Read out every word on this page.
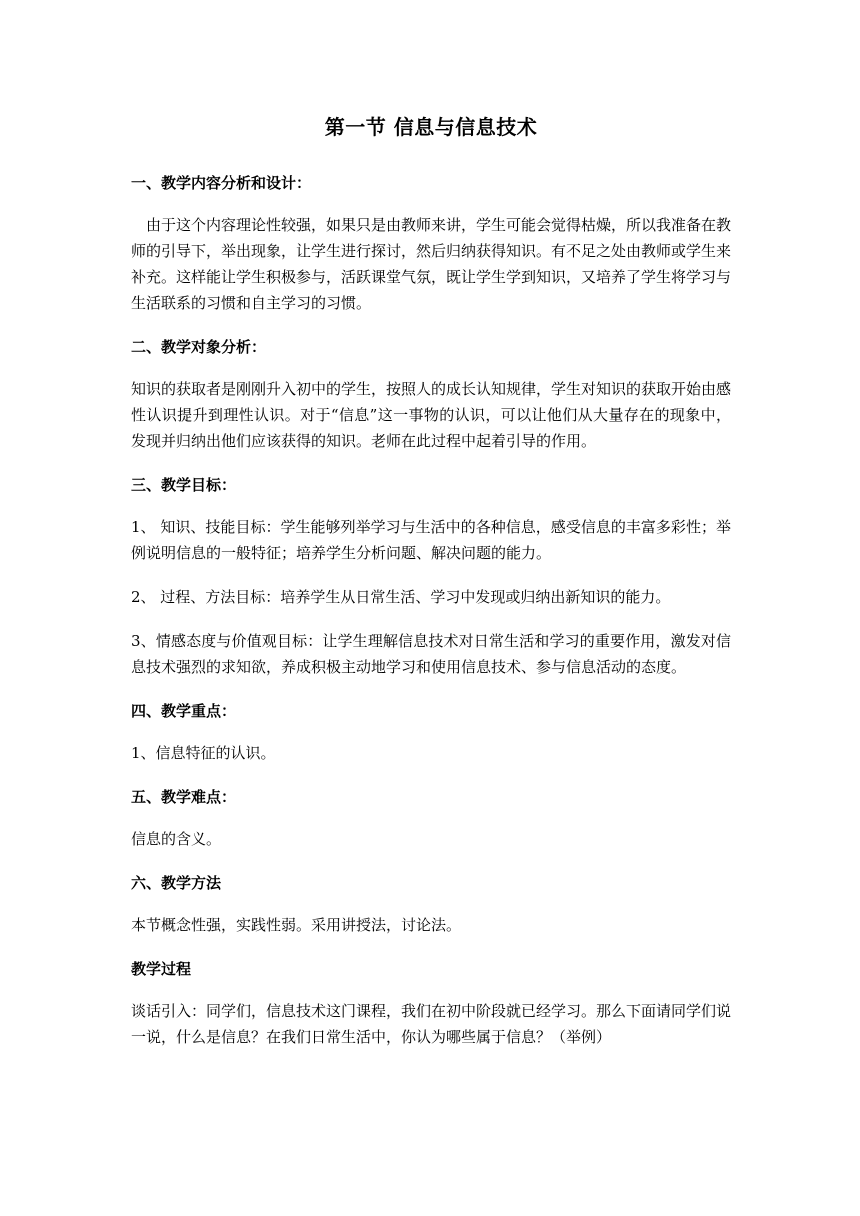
第一节 信息与信息技术
一、教学内容分析和设计：
由于这个内容理论性较强，如果只是由教师来讲，学生可能会觉得枯燥，所以我准备在教师的引导下，举出现象，让学生进行探讨，然后归纳获得知识。有不足之处由教师或学生来补充。这样能让学生积极参与，活跃课堂气氛，既让学生学到知识，又培养了学生将学习与生活联系的习惯和自主学习的习惯。
二、教学对象分析：
知识的获取者是刚刚升入初中的学生，按照人的成长认知规律，学生对知识的获取开始由感性认识提升到理性认识。对于“信息”这一事物的认识，可以让他们从大量存在的现象中，发现并归纳出他们应该获得的知识。老师在此过程中起着引导的作用。
三、教学目标：
1、 知识、技能目标：学生能够列举学习与生活中的各种信息，感受信息的丰富多彩性；举例说明信息的一般特征；培养学生分析问题、解决问题的能力。
2、 过程、方法目标：培养学生从日常生活、学习中发现或归纳出新知识的能力。
3、情感态度与价值观目标：让学生理解信息技术对日常生活和学习的重要作用，激发对信息技术强烈的求知欲，养成积极主动地学习和使用信息技术、参与信息活动的态度。
四、教学重点：
1、信息特征的认识。
五、教学难点：
信息的含义。
六、教学方法
本节概念性强，实践性弱。采用讲授法，讨论法。
教学过程
谈话引入：同学们，信息技术这门课程，我们在初中阶段就已经学习。那么下面请同学们说一说，什么是信息？在我们日常生活中，你认为哪些属于信息？（举例）
